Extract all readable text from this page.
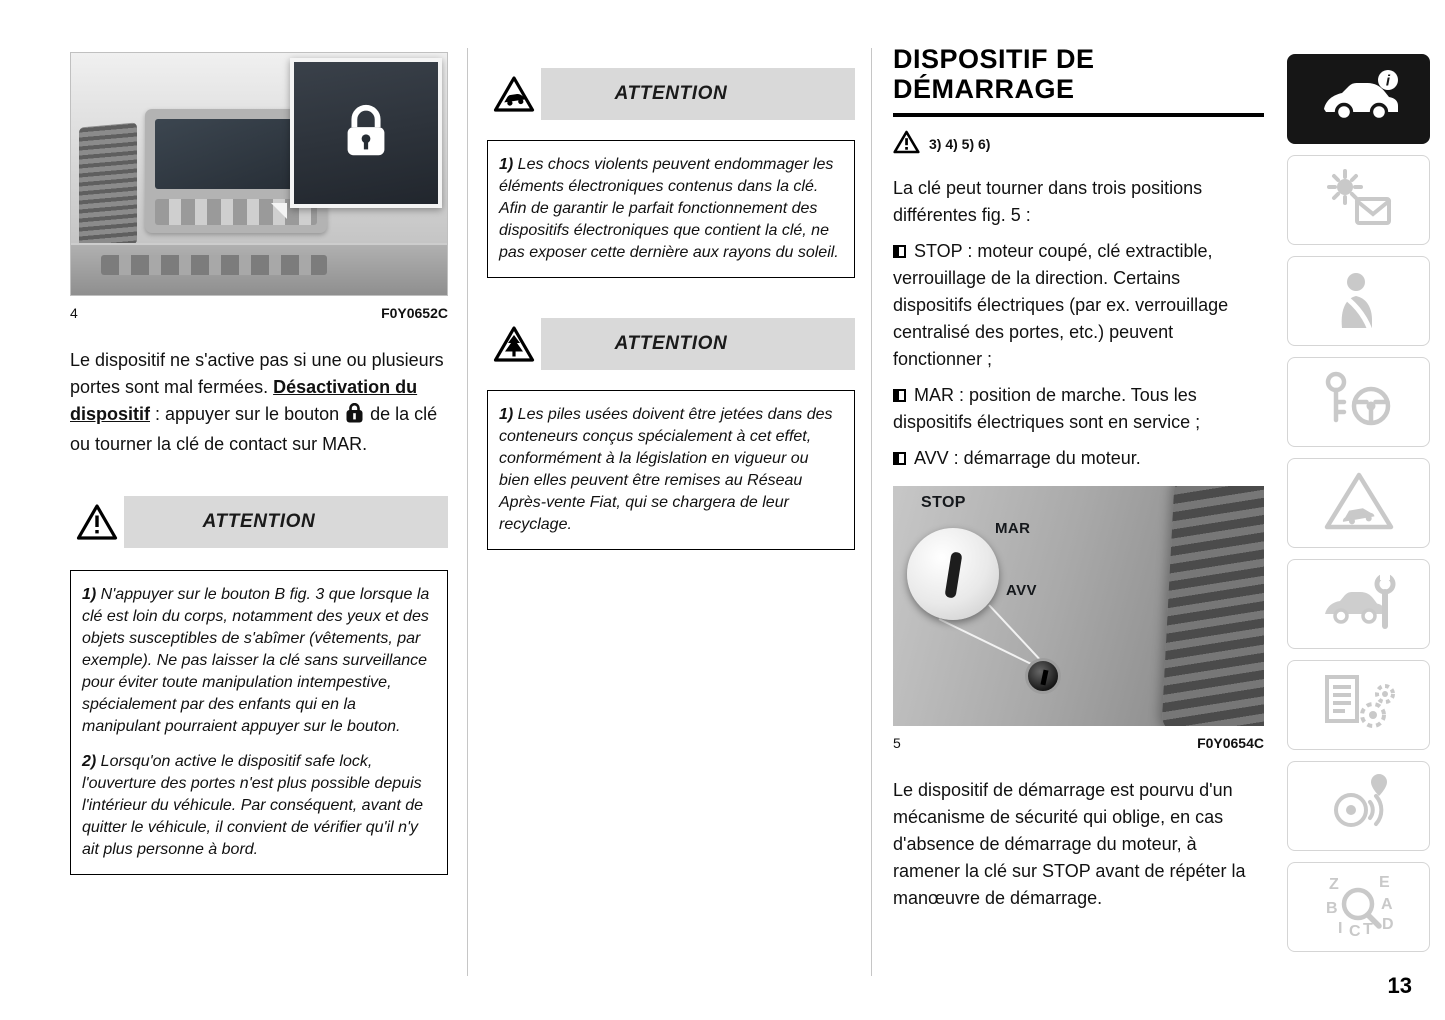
4	F0Y0652C

Le dispositif ne s'active pas si une ou plusieurs portes sont mal fermées. Désactivation du dispositif : appuyer sur le bouton  de la clé ou tourner la clé de contact sur MAR.

ATTENTION

1) N'appuyer sur le bouton B fig. 3 que lorsque la clé est loin du corps, notamment des yeux et des objets susceptibles de s'abîmer (vêtements, par exemple). Ne pas laisser la clé sans surveillance pour éviter toute manipulation intempestive, spécialement par des enfants qui en la manipulant pourraient appuyer sur le bouton.

2) Lorsqu'on active le dispositif safe lock, l'ouverture des portes n'est plus possible depuis l'intérieur du véhicule. Par conséquent, avant de quitter le véhicule, il convient de vérifier qu'il n'y ait plus personne à bord.

ATTENTION

1) Les chocs violents peuvent endommager les éléments électroniques contenus dans la clé. Afin de garantir le parfait fonctionnement des dispositifs électroniques que contient la clé, ne pas exposer cette dernière aux rayons du soleil.

ATTENTION

1) Les piles usées doivent être jetées dans des conteneurs conçus spécialement à cet effet, conformément à la législation en vigueur ou bien elles peuvent être remises au Réseau Après-vente Fiat, qui se chargera de leur recyclage.

DISPOSITIF DE
DÉMARRAGE
3) 4) 5) 6)

La clé peut tourner dans trois positions différentes fig. 5 :

STOP : moteur coupé, clé extractible, verrouillage de la direction. Certains dispositifs électriques (par ex. verrouillage centralisé des portes, etc.) peuvent fonctionner ;

MAR : position de marche. Tous les dispositifs électriques sont en service ;

AVV : démarrage du moteur.

STOP
MAR
AVV
5	F0Y0654C

Le dispositif de démarrage est pourvu d'un mécanisme de sécurité qui oblige, en cas d'absence de démarrage du moteur, à ramener la clé sur STOP avant de répéter la manœuvre de démarrage.

i
Z	E
B	A
D
I C T
13
